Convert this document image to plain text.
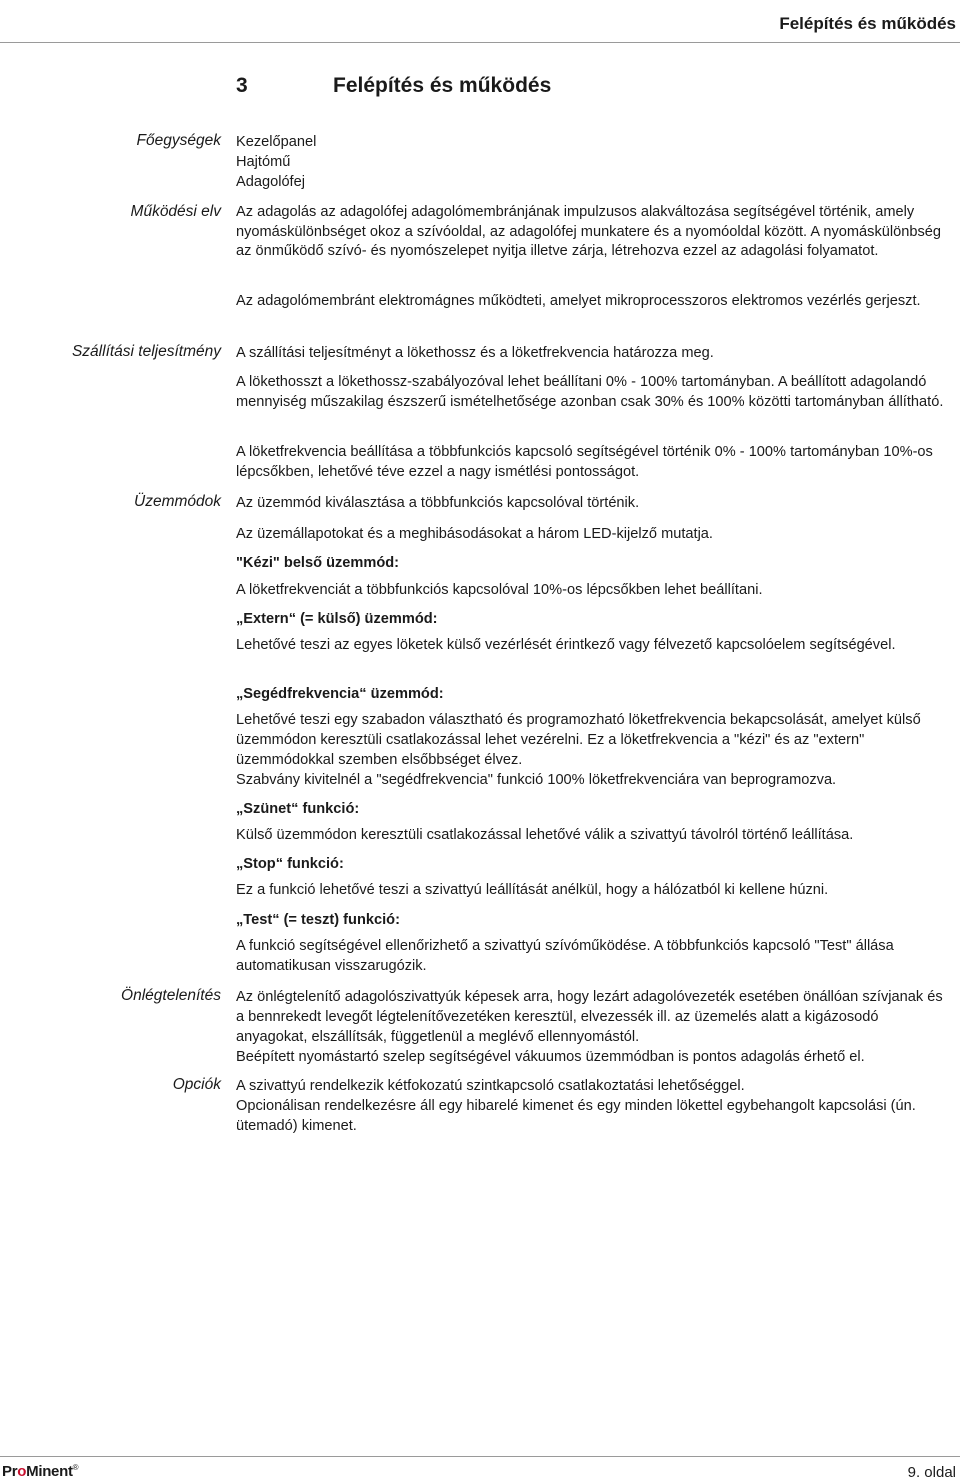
Felépítés és működés
3	Felépítés és működés
Főegységek Kezelőpanel
Hajtómű
Adagolófej
Működési elv Az adagolás az adagolófej adagolómembránjának impulzusos alakváltozása segítségével történik, amely nyomáskülönbséget okoz a szívóoldal, az adagolófej munkatere és a nyomóoldal között. A nyomáskülönbség az önműködő szívó- és nyomószelepet nyitja illetve zárja, létrehozva ezzel az adagolási folyamatot.
Az adagolómembránt elektromágnes működteti, amelyet mikroprocesszoros elektromos vezérlés gerjeszt.
Szállítási teljesítmény A szállítási teljesítményt a lökethossz és a löketfrekvencia határozza meg.
A lökethosszt a lökethossz-szabályozóval lehet beállítani 0% - 100% tartományban. A beállított adagolandó mennyiség műszakilag észszerű ismételhetősége azonban csak 30% és 100% közötti tartományban állítható.
A löketfrekvencia beállítása a többfunkciós kapcsoló segítségével történik 0% - 100% tartományban 10%-os lépcsőkben, lehetővé téve ezzel a nagy ismétlési pontosságot.
Üzemmódok Az üzemmód kiválasztása a többfunkciós kapcsolóval történik.
Az üzemállapotokat és a meghibásodásokat a három LED-kijelző mutatja.
"Kézi" belső üzemmód:
A löketfrekvenciát a többfunkciós kapcsolóval 10%-os lépcsőkben lehet beállítani.
„Extern“ (= külső) üzemmód:
Lehetővé teszi az egyes löketek külső vezérlését érintkező vagy félvezető kapcsolóelem segítségével.
„Segédfrekvencia“ üzemmód:
Lehetővé teszi egy szabadon választható és programozható löketfrekvencia bekapcsolását, amelyet külső üzemmódon keresztüli csatlakozással lehet vezérelni. Ez a löketfrekvencia a "kézi" és az "extern" üzemmódokkal szemben elsőbbséget élvez.
Szabvány kivitelnél a "segédfrekvencia" funkció 100% löketfrekvenciára van beprogramozva.
„Szünet“ funkció:
Külső üzemmódon keresztüli csatlakozással lehetővé válik a szivattyú távolról történő leállítása.
„Stop“ funkció:
Ez a funkció lehetővé teszi a szivattyú leállítását anélkül, hogy a hálózatból ki kellene húzni.
„Test“ (= teszt) funkció:
A funkció segítségével ellenőrizhető a szivattyú szívóműködése. A többfunkciós kapcsoló "Test" állása automatikusan visszarugózik.
Önlégtelenítés Az önlégtelenítő adagolószivattyúk képesek arra, hogy lezárt adagolóvezeték esetében önállóan szívjanak és a bennrekedt levegőt légtelenítővezetéken keresztül, elvezessék ill. az üzemelés alatt a kigázosodó anyagokat, elszállítsák, függetlenül a meglévő ellennyomástól.
Beépített nyomástartó szelep segítségével vákuumos üzemmódban is pontos adagolás érhető el.
Opciók A szivattyú rendelkezik kétfokozatú szintkapcsoló csatlakoztatási lehetőséggel.
Opcionálisan rendelkezésre áll egy hibarelé kimenet és egy minden lökettel egybehangolt kapcsolási (ún. ütemadó) kimenet.
ProMinent®	9. oldal
